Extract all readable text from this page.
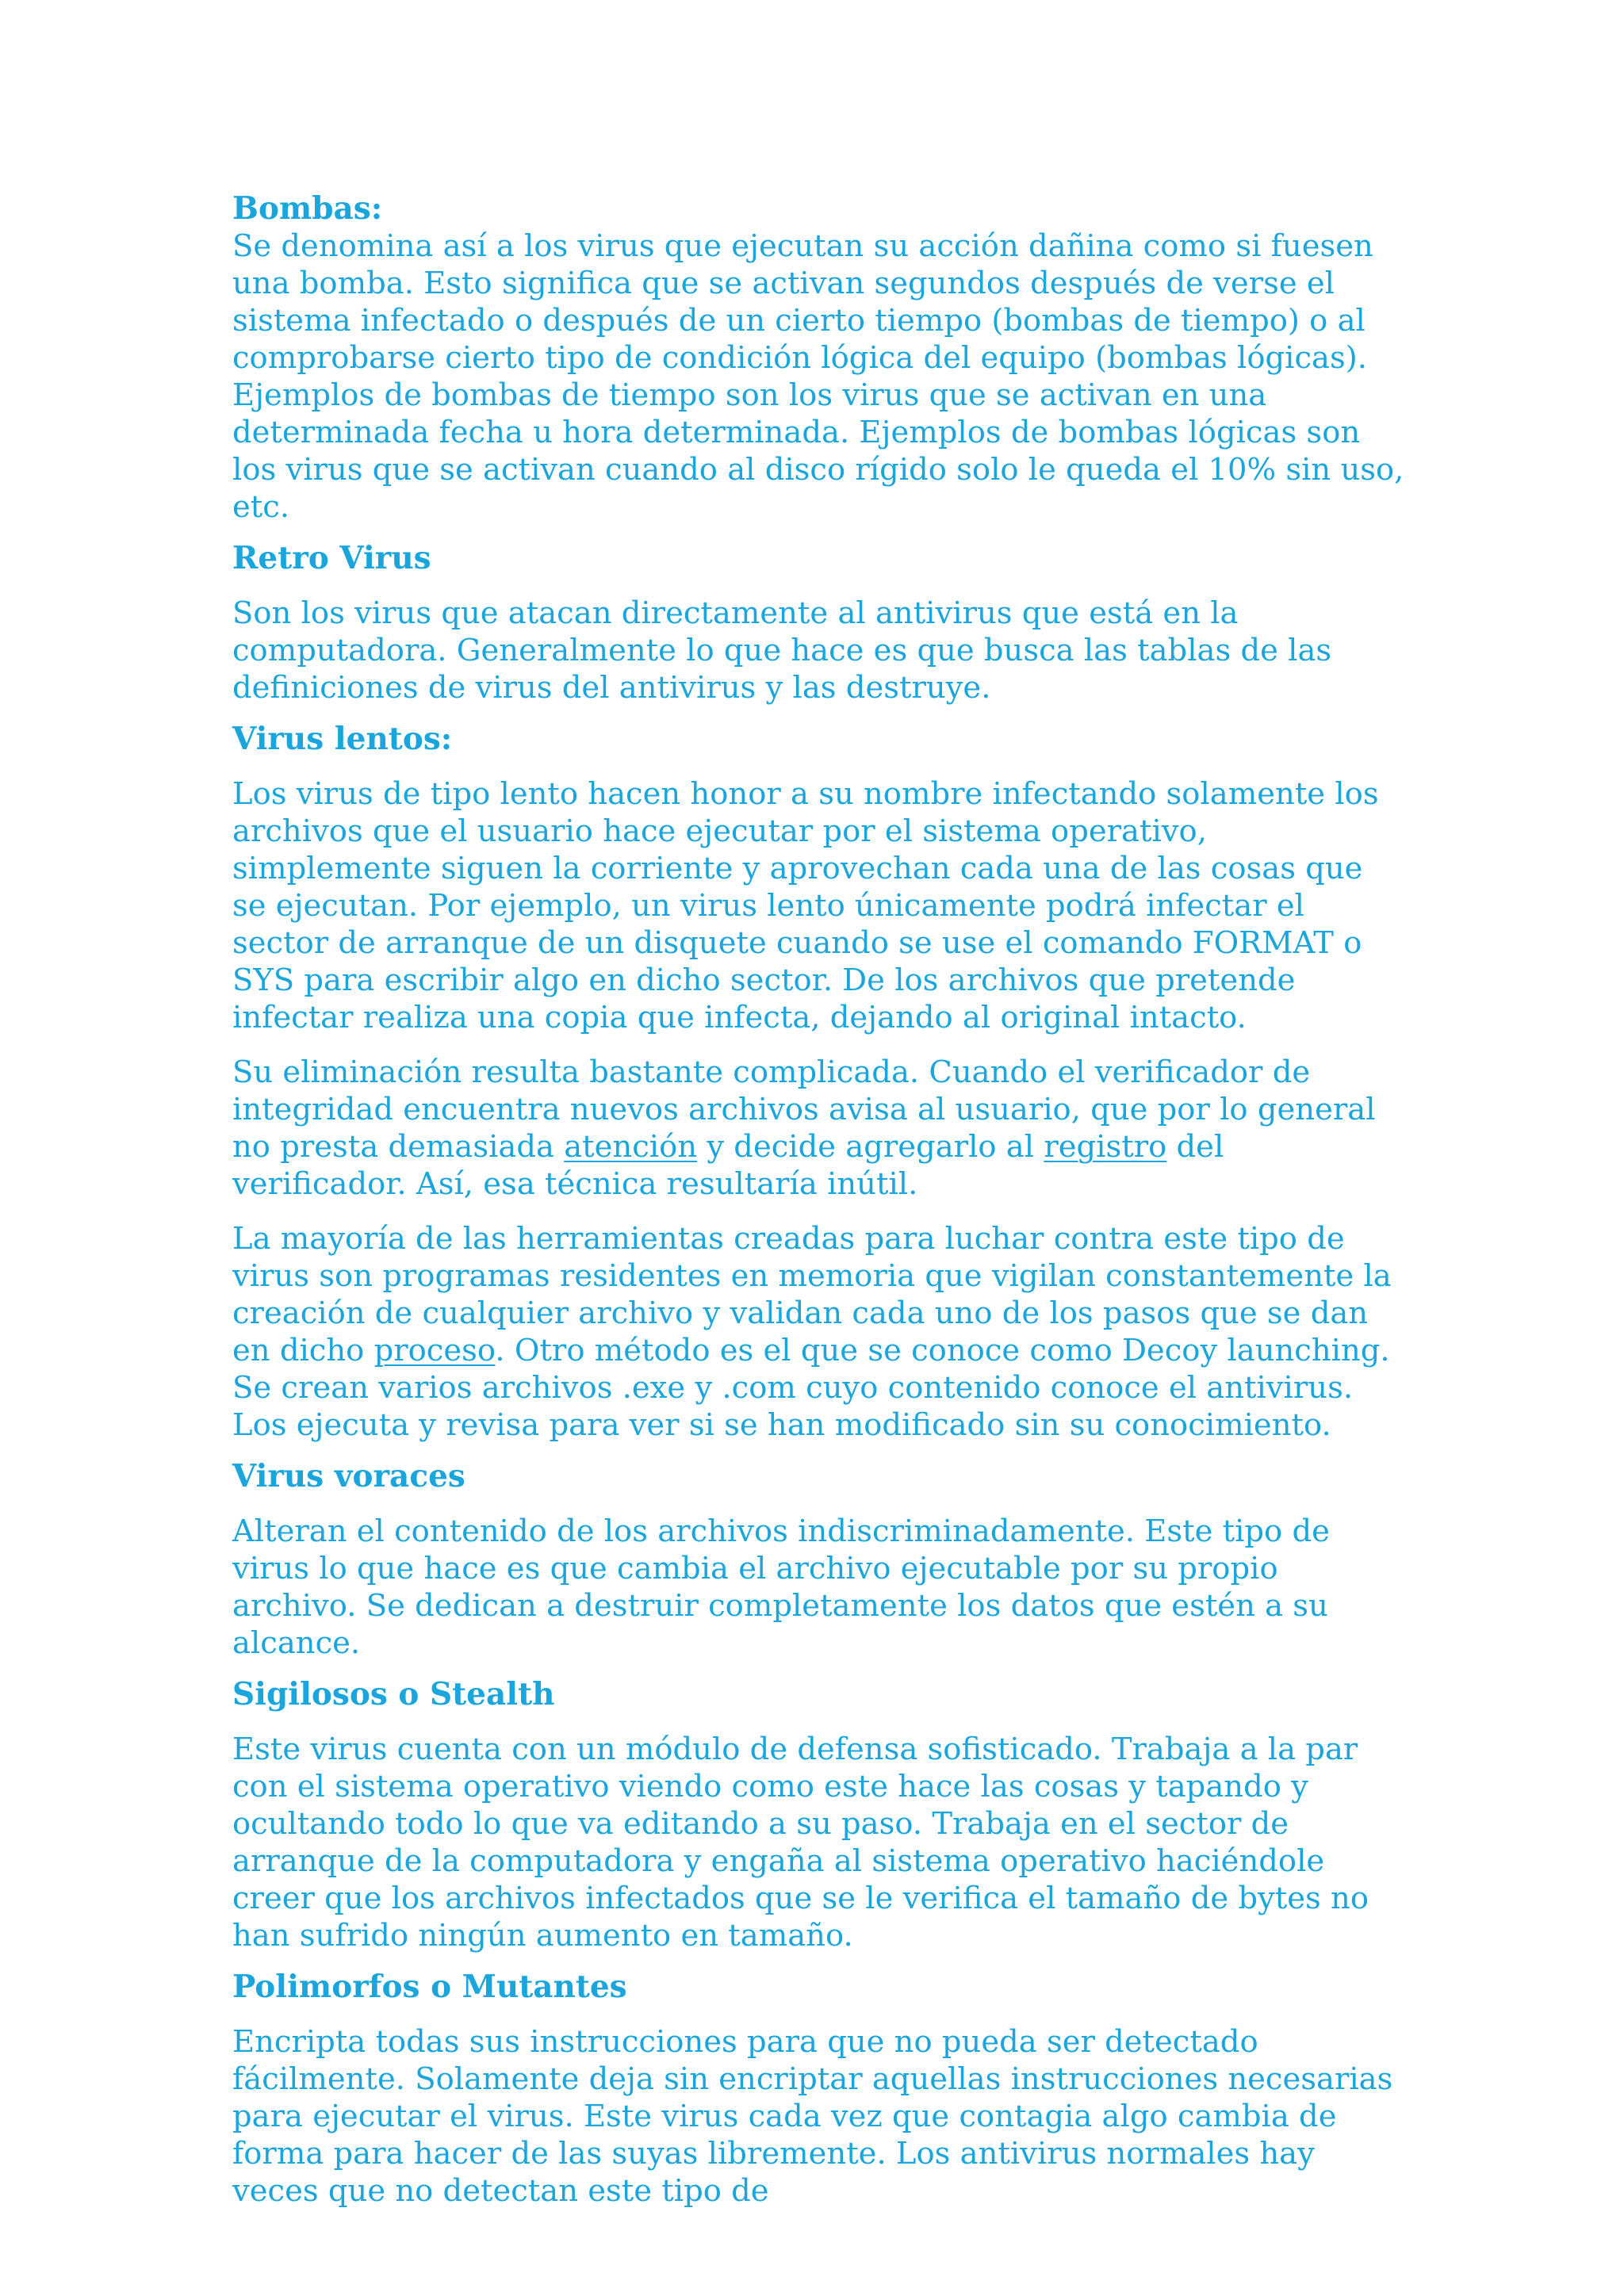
Bombas:

Se denomina así a los virus que ejecutan su acción dañina como si fuesen una bomba. Esto significa que se activan segundos después de verse el sistema infectado o después de un cierto tiempo (bombas de tiempo) o al comprobarse cierto tipo de condición lógica del equipo (bombas lógicas). Ejemplos de bombas de tiempo son los virus que se activan en una determinada fecha u hora determinada. Ejemplos de bombas lógicas son los virus que se activan cuando al disco rígido solo le queda el 10% sin uso, etc.

Retro Virus

Son los virus que atacan directamente al antivirus que está en la computadora. Generalmente lo que hace es que busca las tablas de las definiciones de virus del antivirus y las destruye.

Virus lentos:

Los virus de tipo lento hacen honor a su nombre infectando solamente los archivos que el usuario hace ejecutar por el sistema operativo, simplemente siguen la corriente y aprovechan cada una de las cosas que se ejecutan. Por ejemplo, un virus lento únicamente podrá infectar el sector de arranque de un disquete cuando se use el comando FORMAT o SYS para escribir algo en dicho sector. De los archivos que pretende infectar realiza una copia que infecta, dejando al original intacto.

Su eliminación resulta bastante complicada. Cuando el verificador de integridad encuentra nuevos archivos avisa al usuario, que por lo general no presta demasiada atención y decide agregarlo al registro del verificador. Así, esa técnica resultaría inútil.

La mayoría de las herramientas creadas para luchar contra este tipo de virus son programas residentes en memoria que vigilan constantemente la creación de cualquier archivo y validan cada uno de los pasos que se dan en dicho proceso. Otro método es el que se conoce como Decoy launching. Se crean varios archivos .exe y .com cuyo contenido conoce el antivirus. Los ejecuta y revisa para ver si se han modificado sin su conocimiento.

Virus voraces

Alteran el contenido de los archivos indiscriminadamente. Este tipo de virus lo que hace es que cambia el archivo ejecutable por su propio archivo. Se dedican a destruir completamente los datos que estén a su alcance.

Sigilosos o Stealth

Este virus cuenta con un módulo de defensa sofisticado. Trabaja a la par con el sistema operativo viendo como este hace las cosas y tapando y ocultando todo lo que va editando a su paso. Trabaja en el sector de arranque de la computadora y engaña al sistema operativo haciéndole creer que los archivos infectados que se le verifica el tamaño de bytes no han sufrido ningún aumento en tamaño.

Polimorfos o Mutantes

Encripta todas sus instrucciones para que no pueda ser detectado fácilmente. Solamente deja sin encriptar aquellas instrucciones necesarias para ejecutar el virus. Este virus cada vez que contagia algo cambia de forma para hacer de las suyas libremente. Los antivirus normales hay veces que no detectan este tipo de
